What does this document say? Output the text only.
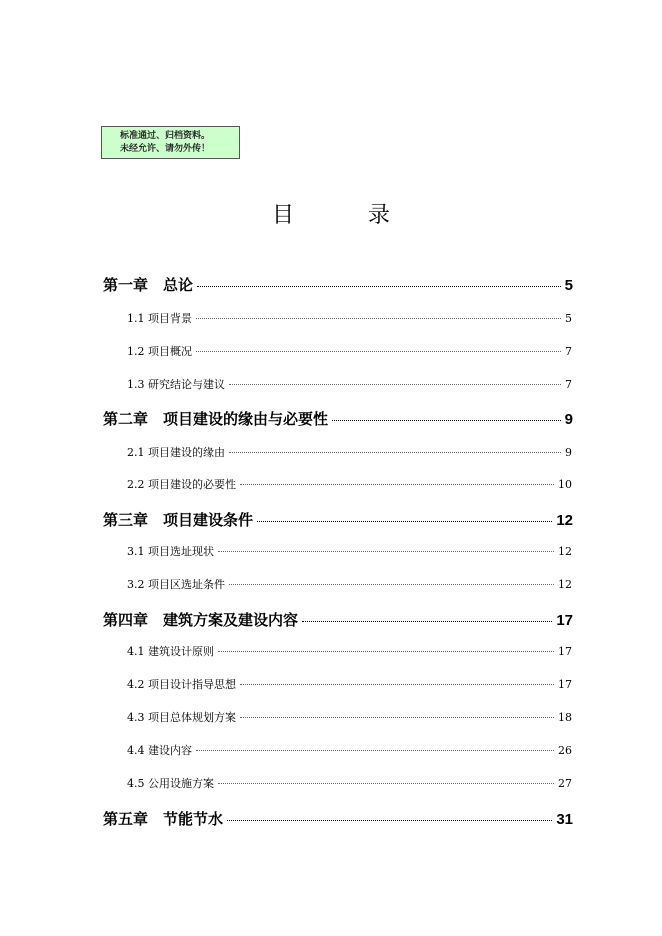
标准通过、归档资料。
未经允许、请勿外传！
目录
第一章　总论	5
1.1 项目背景	5
1.2 项目概况	7
1.3 研究结论与建议	7
第二章　项目建设的缘由与必要性	9
2.1 项目建设的缘由	9
2.2 项目建设的必要性	10
第三章　项目建设条件	12
3.1 项目选址现状	12
3.2 项目区选址条件	12
第四章　建筑方案及建设内容	17
4.1 建筑设计原则	17
4.2 项目设计指导思想	17
4.3 项目总体规划方案	18
4.4 建设内容	26
4.5 公用设施方案	27
第五章　节能节水	31
